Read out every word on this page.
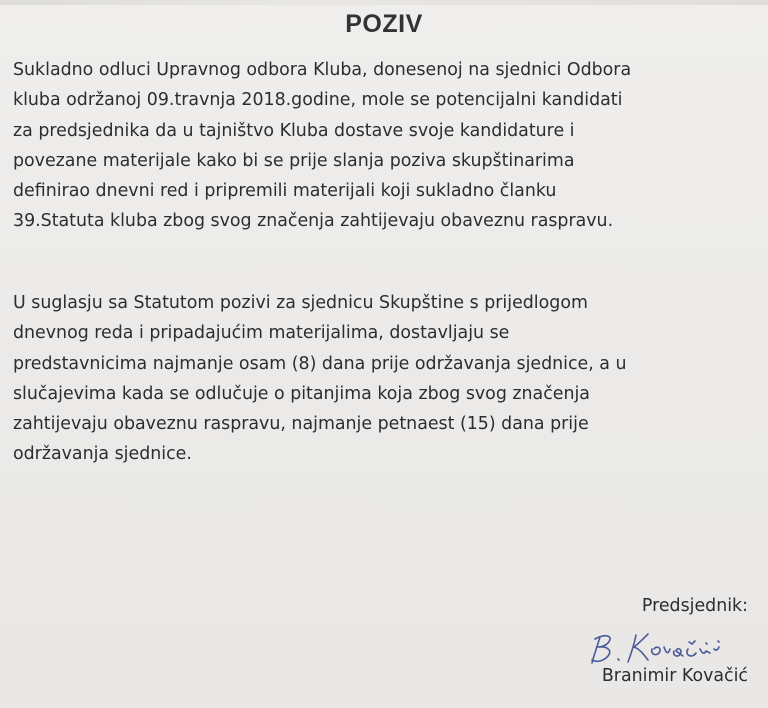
POZIV

Sukladno odluci Upravnog odbora Kluba, donesenoj na sjednici Odbora
kluba održanoj 09.travnja 2018.godine, mole se potencijalni kandidati
za predsjednika da u tajništvo Kluba dostave svoje kandidature i
povezane materijale kako bi se prije slanja poziva skupštinarima
definirao dnevni red i pripremili materijali koji sukladno članku
39.Statuta kluba zbog svog značenja zahtijevaju obaveznu raspravu.

U suglasju sa Statutom pozivi za sjednicu Skupštine s prijedlogom
dnevnog reda i pripadajućim materijalima, dostavljaju se
predstavnicima najmanje osam (8) dana prije održavanja sjednice, a u
slučajevima kada se odlučuje o pitanjima koja zbog svog značenja
zahtijevaju obaveznu raspravu, najmanje petnaest (15) dana prije
održavanja sjednice.

Predsjednik:
Branimir Kovačić
